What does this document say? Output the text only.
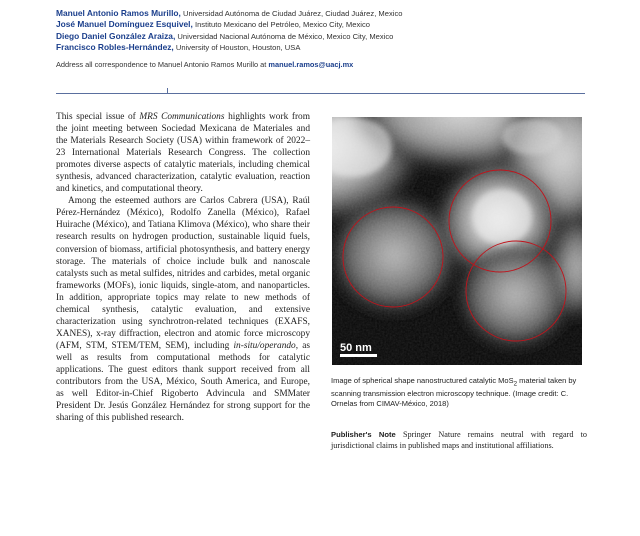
Manuel Antonio Ramos Murillo, Universidad Autónoma de Ciudad Juárez, Ciudad Juárez, Mexico
José Manuel Domínguez Esquivel, Instituto Mexicano del Petróleo, Mexico City, Mexico
Diego Daniel González Araiza, Universidad Nacional Autónoma de México, Mexico City, Mexico
Francisco Robles-Hernández, University of Houston, Houston, USA
Address all correspondence to Manuel Antonio Ramos Murillo at manuel.ramos@uacj.mx

This special issue of MRS Communications highlights work from the joint meeting between Sociedad Mexicana de Materiales and the Materials Research Society (USA) within framework of 2022–23 International Materials Research Congress. The collection promotes diverse aspects of catalytic materials, including chemical synthesis, advanced characterization, catalytic evaluation, reaction and kinetics, and computational theory.

Among the esteemed authors are Carlos Cabrera (USA), Raúl Pérez-Hernández (México), Rodolfo Zanella (México), Rafael Huirache (México), and Tatiana Klimova (México), who share their research results on hydrogen production, sustainable liquid fuels, conversion of biomass, artificial photosynthesis, and battery energy storage. The materials of choice include bulk and nanoscale catalysts such as metal sulfides, nitrides and carbides, metal organic frameworks (MOFs), ionic liquids, single-atom, and nanoparticles. In addition, appropriate topics may relate to new methods of chemical synthesis, catalytic evaluation, and extensive characterization using synchrotron-related techniques (EXAFS, XANES), x-ray diffraction, electron and atomic force microscopy (AFM, STM, STEM/TEM, SEM), including in-situ/operando, as well as results from computational methods for catalytic applications. The guest editors thank support received from all contributors from the USA, México, South America, and Europe, as well Editor-in-Chief Rigoberto Advincula and SMMater President Dr. Jesús González Hernández for strong support for the sharing of this published research.

50 nm
Image of spherical shape nanostructured catalytic MoS$_2$ material taken by scanning transmission electron microscopy technique. (Image credit: C. Ornelas from CIMAV-México, 2018)
Publisher's Note Springer Nature remains neutral with regard to jurisdictional claims in published maps and institutional affiliations.
